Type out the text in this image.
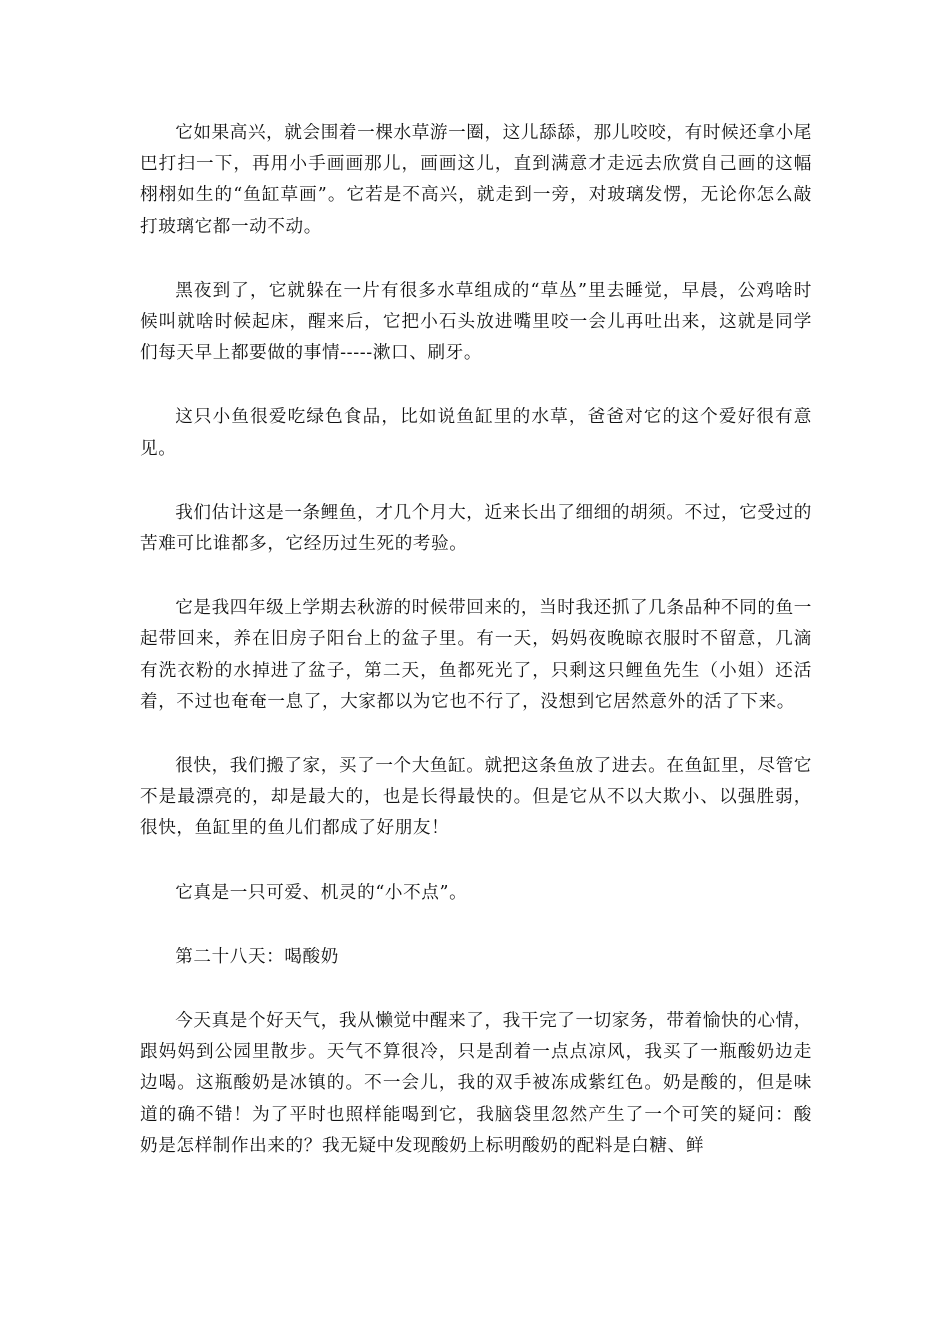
它如果高兴，就会围着一棵水草游一圈，这儿舔舔，那儿咬咬，有时候还拿小尾巴打扫一下，再用小手画画那儿，画画这儿，直到满意才走远去欣赏自己画的这幅栩栩如生的“鱼缸草画”。它若是不高兴，就走到一旁，对玻璃发愣，无论你怎么敲打玻璃它都一动不动。

黑夜到了，它就躲在一片有很多水草组成的“草丛”里去睡觉，早晨，公鸡啥时候叫就啥时候起床，醒来后，它把小石头放进嘴里咬一会儿再吐出来，这就是同学们每天早上都要做的事情-----漱口、刷牙。

这只小鱼很爱吃绿色食品，比如说鱼缸里的水草，爸爸对它的这个爱好很有意见。

我们估计这是一条鲤鱼，才几个月大，近来长出了细细的胡须。不过，它受过的苦难可比谁都多，它经历过生死的考验。

它是我四年级上学期去秋游的时候带回来的，当时我还抓了几条品种不同的鱼一起带回来，养在旧房子阳台上的盆子里。有一天，妈妈夜晚晾衣服时不留意，几滴有洗衣粉的水掉进了盆子，第二天，鱼都死光了，只剩这只鲤鱼先生（小姐）还活着，不过也奄奄一息了，大家都以为它也不行了，没想到它居然意外的活了下来。

很快，我们搬了家，买了一个大鱼缸。就把这条鱼放了进去。在鱼缸里，尽管它不是最漂亮的，却是最大的，也是长得最快的。但是它从不以大欺小、以强胜弱，很快，鱼缸里的鱼儿们都成了好朋友！

它真是一只可爱、机灵的“小不点”。

第二十八天：喝酸奶

今天真是个好天气，我从懒觉中醒来了，我干完了一切家务，带着愉快的心情，跟妈妈到公园里散步。天气不算很冷，只是刮着一点点凉风，我买了一瓶酸奶边走边喝。这瓶酸奶是冰镇的。不一会儿，我的双手被冻成紫红色。奶是酸的，但是味道的确不错！为了平时也照样能喝到它，我脑袋里忽然产生了一个可笑的疑问：酸奶是怎样制作出来的？我无疑中发现酸奶上标明酸奶的配料是白糖、鲜
